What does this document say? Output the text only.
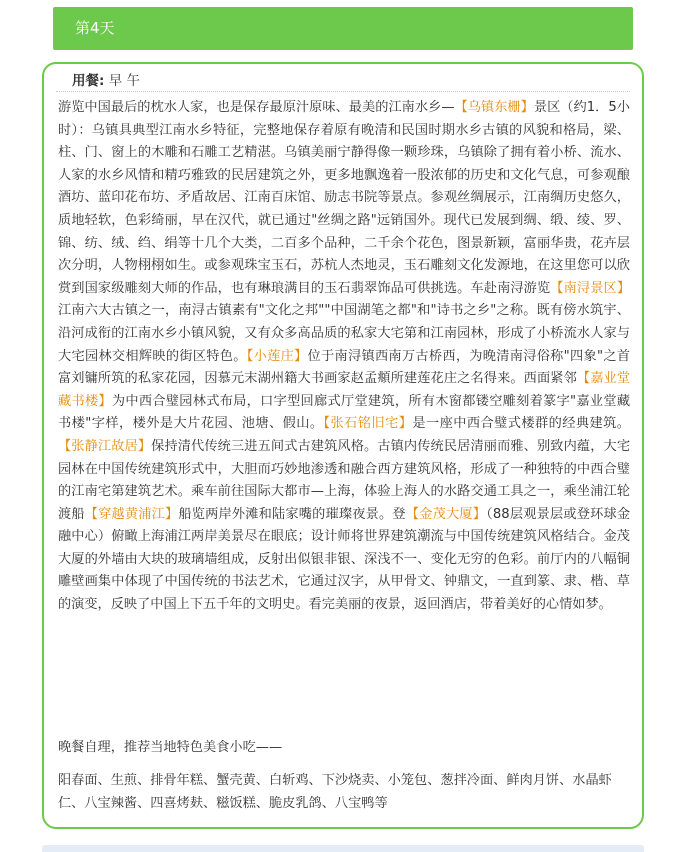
第4天
用餐: 早 午
游览中国最后的枕水人家，也是保存最原汁原味、最美的江南水乡—【乌镇东栅】景区（约1．5小时）：乌镇具典型江南水乡特征，完整地保存着原有晚清和民国时期水乡古镇的风貌和格局，梁、柱、门、窗上的木雕和石雕工艺精湛。乌镇美丽宁静得像一颗珍珠，乌镇除了拥有着小桥、流水、人家的水乡风情和精巧雅致的民居建筑之外，更多地飘逸着一股浓郁的历史和文化气息，可参观酿酒坊、蓝印花布坊、矛盾故居、江南百床馆、励志书院等景点。参观丝绸展示，江南绸历史悠久，质地轻软，色彩绮丽，早在汉代，就已通过"丝绸之路"远销国外。现代已发展到绸、缎、绫、罗、锦、纺、绒、绉、绢等十几个大类，二百多个品种，二千余个花色，图景新颖，富丽华贵，花卉层次分明，人物栩栩如生。或参观珠宝玉石，苏杭人杰地灵，玉石雕刻文化发源地，在这里您可以欣赏到国家级雕刻大师的作品，也有琳琅满目的玉石翡翠饰品可供挑选。车赴南浔游览【南浔景区】江南六大古镇之一，南浔古镇素有"文化之邦""中国湖笔之都"和"诗书之乡"之称。既有傍水筑宇、沿河成衔的江南水乡小镇风貌，又有众多高品质的私家大宅第和江南园林，形成了小桥流水人家与大宅园林交相辉映的街区特色。【小莲庄】位于南浔镇西南万古桥西，为晚清南浔俗称"四象"之首富刘镛所筑的私家花园，因慕元末湖州籍大书画家赵孟頫所建莲花庄之名得来。西面紧邻【嘉业堂藏书楼】为中西合璧园林式布局，口字型回廊式厅堂建筑，所有木窗都镂空雕刻着篆字"嘉业堂藏书楼"字样，楼外是大片花园、池塘、假山。【张石铭旧宅】是一座中西合璧式楼群的经典建筑。【张静江故居】保持清代传统三进五间式古建筑风格。古镇内传统民居清丽而雅、别致内蕴，大宅园林在中国传统建筑形式中，大胆而巧妙地渗透和融合西方建筑风格，形成了一种独特的中西合璧的江南宅第建筑艺术。乘车前往国际大都市—上海，体验上海人的水路交通工具之一，乘坐浦江轮渡船【穿越黄浦江】船览两岸外滩和陆家嘴的璀璨夜景。登【金茂大厦】（88层观景层或登环球金融中心）俯瞰上海浦江两岸美景尽在眼底；设计师将世界建筑潮流与中国传统建筑风格结合。金茂大厦的外墙由大块的玻璃墙组成，反射出似银非银、深浅不一、变化无穷的色彩。前厅内的八幅铜雕壁画集中体现了中国传统的书法艺术，它通过汉字，从甲骨文、钟鼎文，一直到篆、隶、楷、草的演变，反映了中国上下五千年的文明史。看完美丽的夜景，返回酒店，带着美好的心情如梦。
晚餐自理，推荐当地特色美食小吃——
阳春面、生煎、排骨年糕、蟹壳黄、白斩鸡、下沙烧卖、小笼包、葱拌冷面、鲜肉月饼、水晶虾仁、八宝辣酱、四喜烤麸、糍饭糕、脆皮乳鸽、八宝鸭等
